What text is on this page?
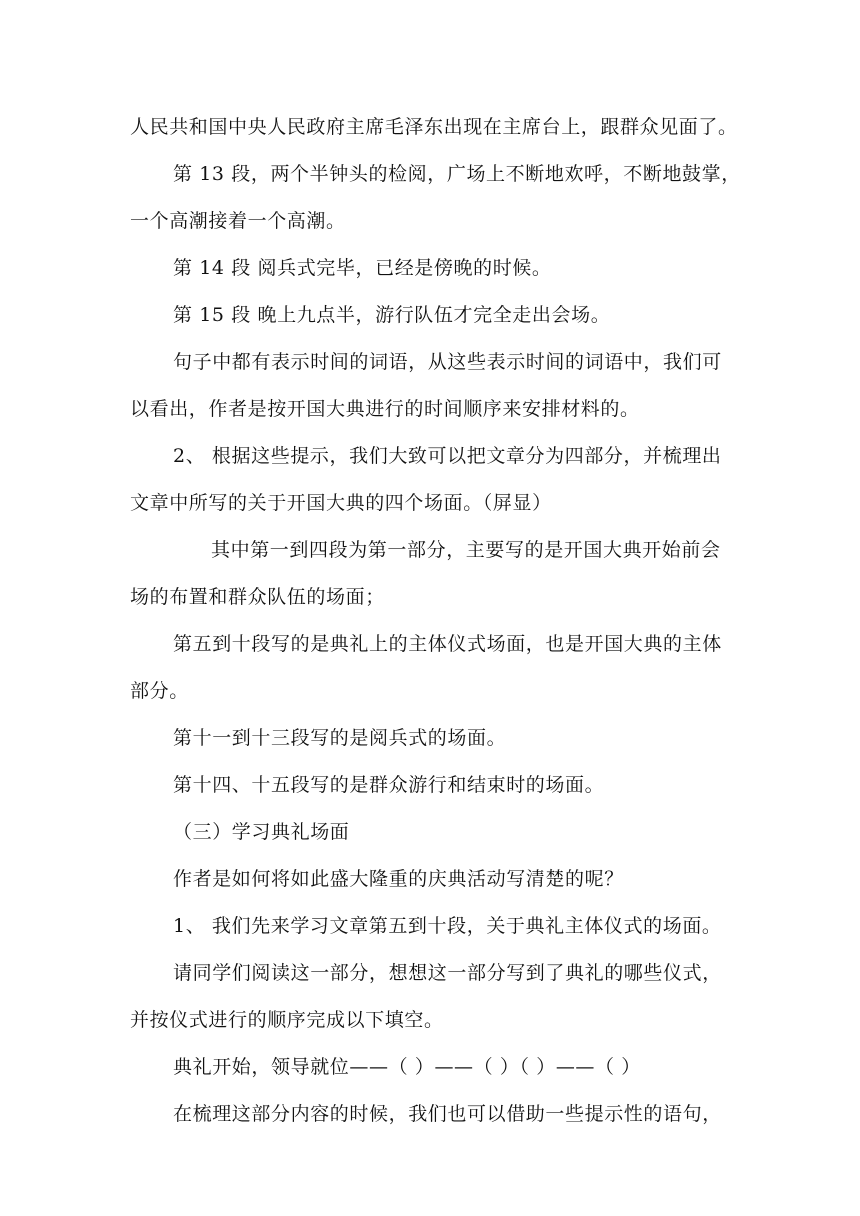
人民共和国中央人民政府主席毛泽东出现在主席台上，跟群众见面了。
第 13 段，两个半钟头的检阅，广场上不断地欢呼，不断地鼓掌，
一个高潮接着一个高潮。
第 14 段 阅兵式完毕，已经是傍晚的时候。
第 15 段 晚上九点半，游行队伍才完全走出会场。
句子中都有表示时间的词语，从这些表示时间的词语中，我们可
以看出，作者是按开国大典进行的时间顺序来安排材料的。
2、 根据这些提示，我们大致可以把文章分为四部分，并梳理出
文章中所写的关于开国大典的四个场面。（屏显）
其中第一到四段为第一部分，主要写的是开国大典开始前会
场的布置和群众队伍的场面；
第五到十段写的是典礼上的主体仪式场面，也是开国大典的主体
部分。
第十一到十三段写的是阅兵式的场面。
第十四、十五段写的是群众游行和结束时的场面。
（三）学习典礼场面
作者是如何将如此盛大隆重的庆典活动写清楚的呢？
1、 我们先来学习文章第五到十段，关于典礼主体仪式的场面。
请同学们阅读这一部分，想想这一部分写到了典礼的哪些仪式，
并按仪式进行的顺序完成以下填空。
典礼开始，领导就位——（ ）——（ ）（ ）——（ ）
在梳理这部分内容的时候，我们也可以借助一些提示性的语句，
